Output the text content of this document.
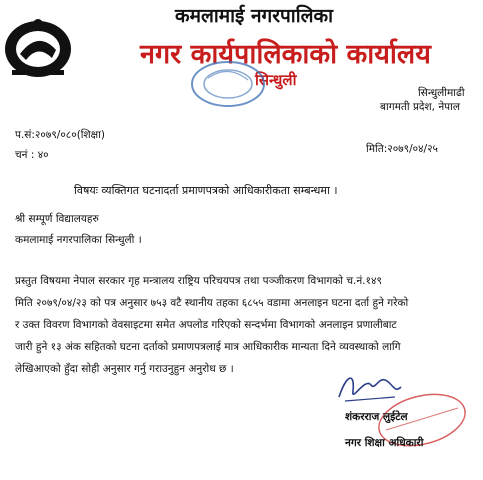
कमलामाई नगरपालिका
नगर कार्यपालिकाको कार्यालय
सिन्धुली
सिन्धुलीमाढी
बागमती प्रदेश, नेपाल
प.सं:२०७९/०८०(शिक्षा)
चनं : ४०	मिति:२०७९/०४/२५
विषयः व्यक्तिगत घटनादर्ता प्रमाणपत्रको आधिकारीकता सम्बन्धमा ।
श्री सम्पूर्ण विद्यालयहरु
कमलामाई नगरपालिका सिन्धुली ।
प्रस्तुत विषयमा नेपाल सरकार गृह मन्त्रालय राष्ट्रिय परिचयपत्र तथा पञ्जीकरण विभागको च.नं.१४९
मिति २०७९/०४/२३ को पत्र अनुसार ७५३ वटै स्थानीय तहका ६८५५ वडामा अनलाइन घटना दर्ता हुने गरेको
र उक्त विवरण विभागको वेवसाइटमा समेत अपलोड गरिएको सन्दर्भमा विभागको अनलाइन प्रणालीबाट
जारी हुने १३ अंक सहितको घटना दर्ताको प्रमाणपत्रलाई मात्र आधिकारीक मान्यता दिने व्यवस्थाको लागि
लेखिआएको हुँदा सोही अनुसार गर्नु गराउनुहुन अनुरोध छ ।
शंकरराज लुईटेल
नगर शिक्षा अधिकारी
